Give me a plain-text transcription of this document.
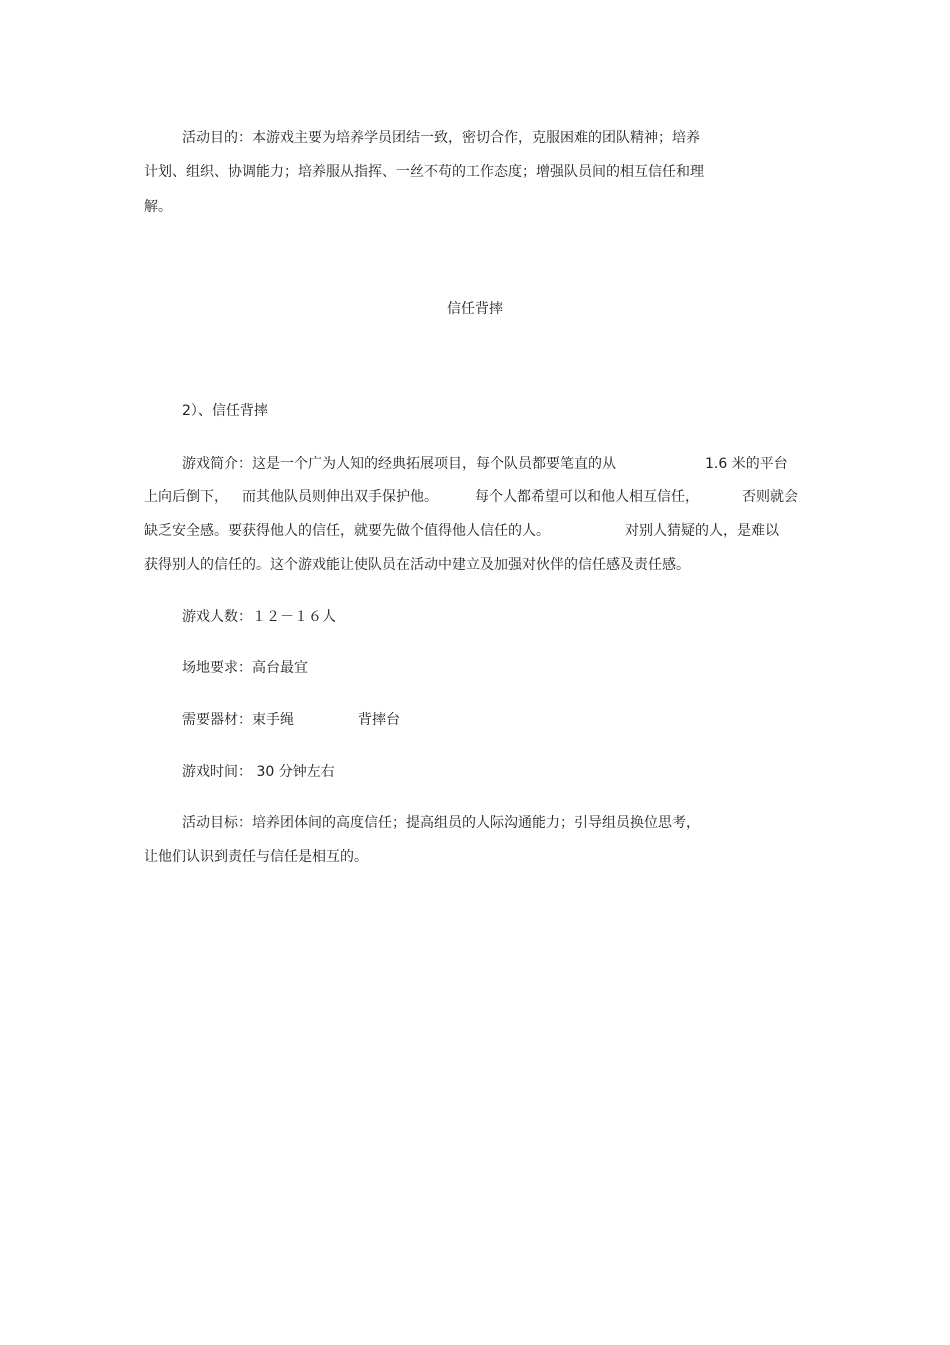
活动目的：本游戏主要为培养学员团结一致，密切合作，克服困难的团队精神；培养

计划、组织、协调能力；培养服从指挥、一丝不苟的工作态度；增强队员间的相互信任和理

解。

信任背摔

2）、信任背摔

游戏简介：这是一个广为人知的经典拓展项目，每个队员都要笔直的从	1.6 米的平台

上向后倒下， 而其他队员则伸出双手保护他。	每个人都希望可以和他人相互信任，	否则就会

缺乏安全感。要获得他人的信任，就要先做个值得他人信任的人。	对别人猜疑的人，是难以

获得别人的信任的。这个游戏能让使队员在活动中建立及加强对伙伴的信任感及责任感。

游戏人数：１２－１６人

场地要求：高台最宜

需要器材：束手绳	背摔台

游戏时间： 30 分钟左右

活动目标：培养团体间的高度信任；提高组员的人际沟通能力；引导组员换位思考，

让他们认识到责任与信任是相互的。
